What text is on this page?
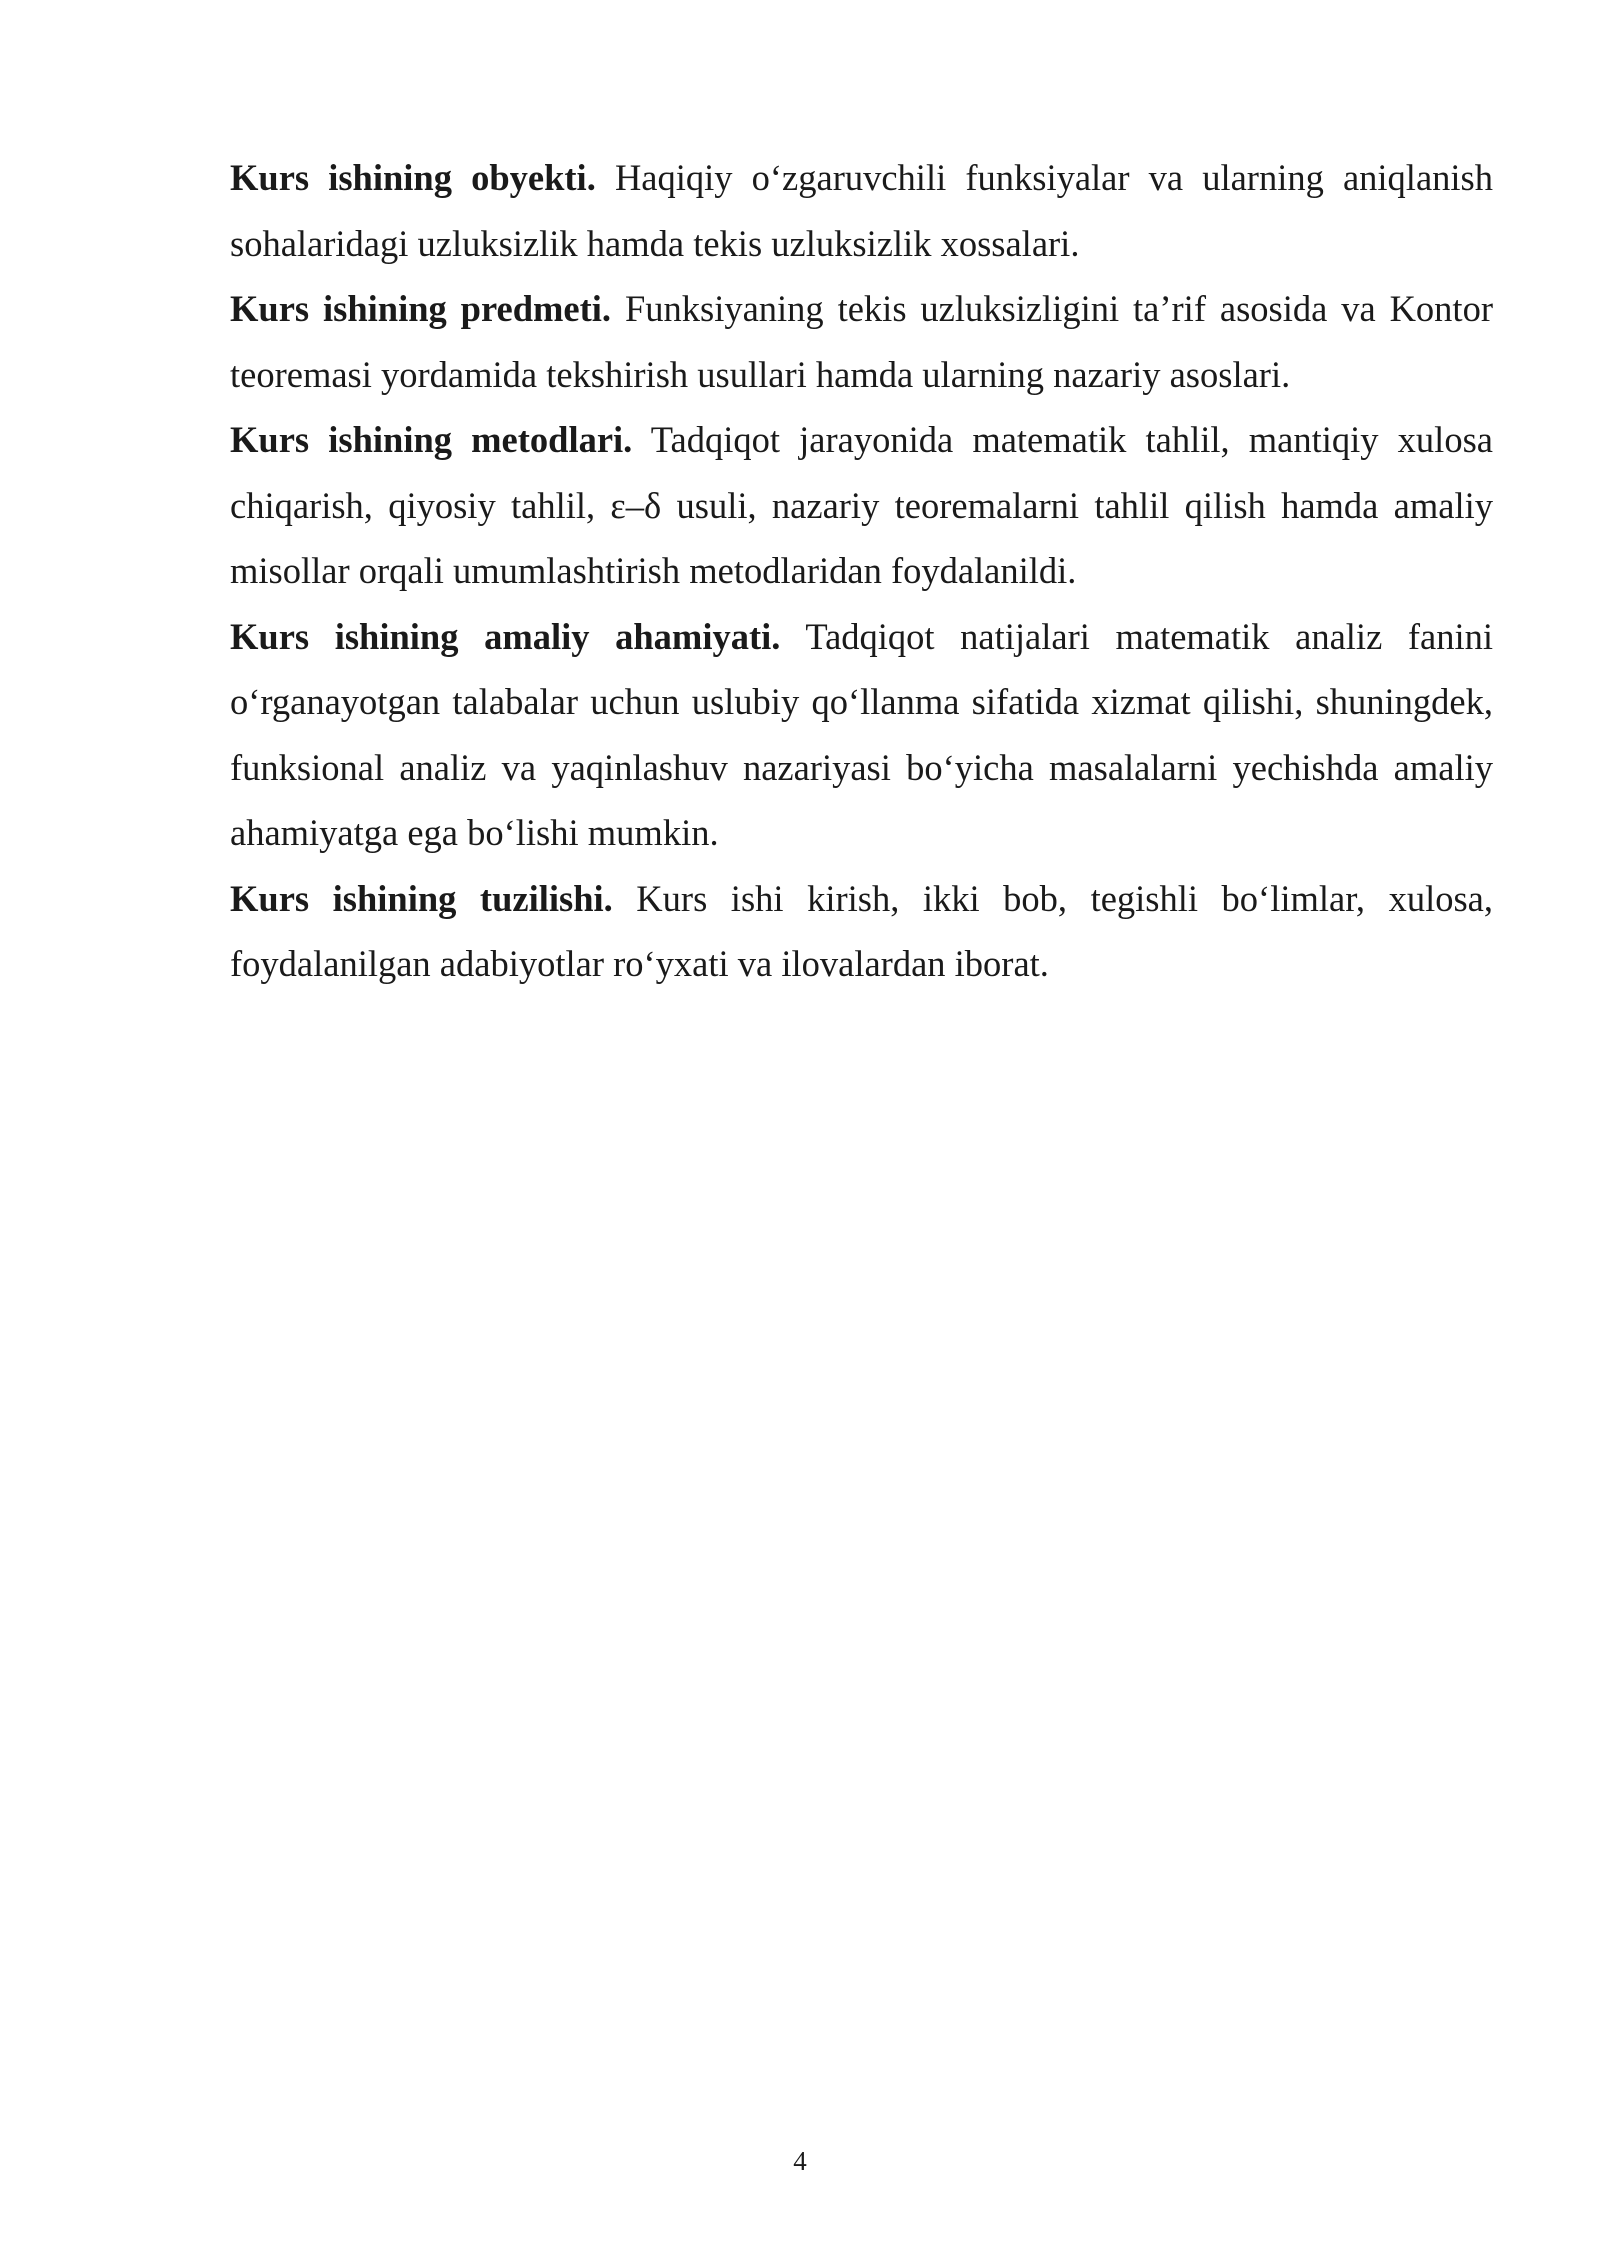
Kurs ishining obyekti. Haqiqiy o‘zgaruvchili funksiyalar va ularning aniqlanish sohalaridagi uzluksizlik hamda tekis uzluksizlik xossalari.

Kurs ishining predmeti. Funksiyaning tekis uzluksizligini ta’rif asosida va Kontor teoremasi yordamida tekshirish usullari hamda ularning nazariy asoslari.

Kurs ishining metodlari. Tadqiqot jarayonida matematik tahlil, mantiqiy xulosa chiqarish, qiyosiy tahlil, ε–δ usuli, nazariy teoremalarni tahlil qilish hamda amaliy misollar orqali umumlashtirish metodlaridan foydalanildi.

Kurs ishining amaliy ahamiyati. Tadqiqot natijalari matematik analiz fanini o‘rganayotgan talabalar uchun uslubiy qo‘llanma sifatida xizmat qilishi, shuningdek, funksional analiz va yaqinlashuv nazariyasi bo‘yicha masalalarni yechishda amaliy ahamiyatga ega bo‘lishi mumkin.

Kurs ishining tuzilishi. Kurs ishi kirish, ikki bob, tegishli bo‘limlar, xulosa, foydalanilgan adabiyotlar ro‘yxati va ilovalardan iborat.

4
